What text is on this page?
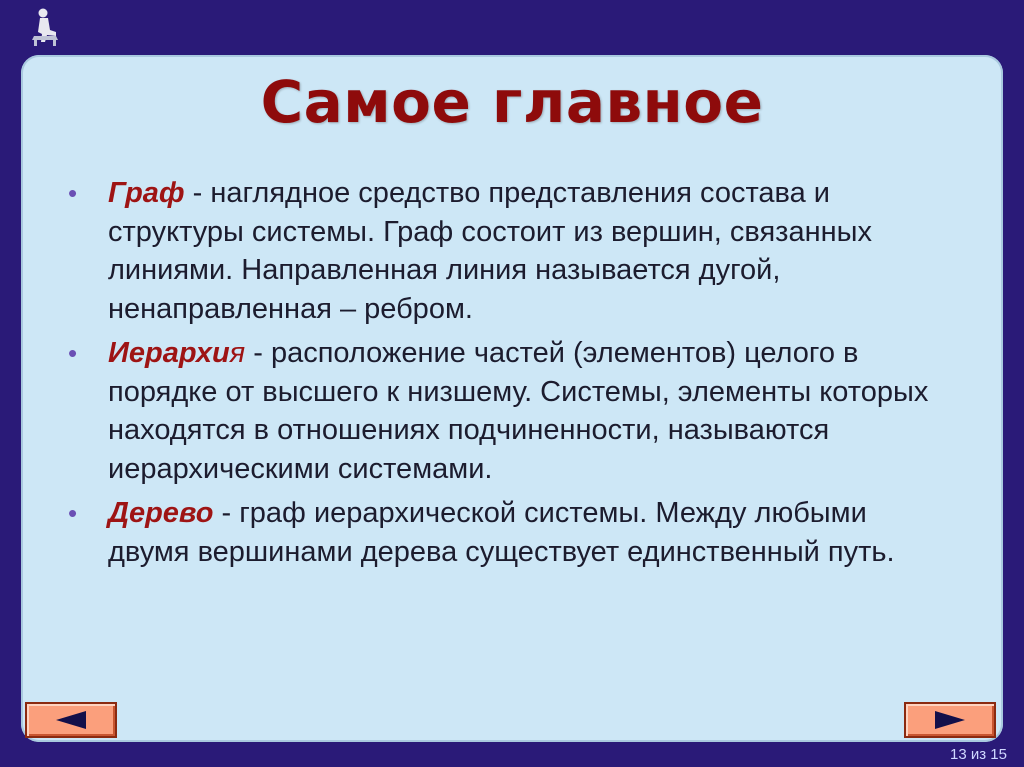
Самое главное
• Граф - наглядное средство представления состава и структуры системы. Граф состоит из вершин, связанных линиями. Направленная линия называется дугой, ненаправленная – ребром.
• Иерархия - расположение частей (элементов) целого в порядке от высшего к низшему. Системы, элементы которых находятся в отношениях подчиненности, называются иерархическими системами.
• Дерево - граф иерархической системы. Между любыми двумя вершинами дерева существует единственный путь.
13 из 15
